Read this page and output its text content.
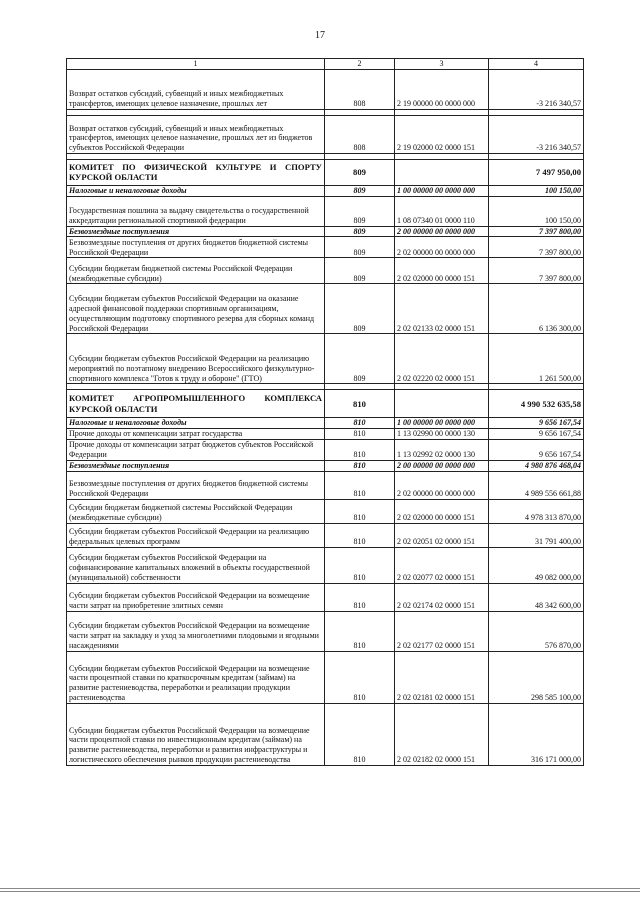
17
1	2	3	4
Возврат остатков субсидий, субвенций и иных межбюджетных трансфертов, имеющих целевое назначение, прошлых лет	808	2 19 00000 00 0000 000	-3 216 340,57

Возврат остатков субсидий, субвенций и иных межбюджетных трансфертов, имеющих целевое назначение, прошлых лет из бюджетов субъектов Российской Федерации	808	2 19 02000 02 0000 151	-3 216 340,57

КОМИТЕТ ПО ФИЗИЧЕСКОЙ КУЛЬТУРЕ И СПОРТУ КУРСКОЙ ОБЛАСТИ	809		7 497 950,00
Налоговые и неналоговые доходы	809	1 00 00000 00 0000 000	100 150,00
Государственная пошлина за выдачу свидетельства о государственной аккредитации региональной спортивной федерации	809	1 08 07340 01 0000 110	100 150,00
Безвозмездные поступления	809	2 00 00000 00 0000 000	7 397 800,00
Безвозмездные поступления от других бюджетов бюджетной системы Российской Федерации	809	2 02 00000 00 0000 000	7 397 800,00
Субсидии бюджетам бюджетной системы Российской Федерации (межбюджетные субсидии)	809	2 02 02000 00 0000 151	7 397 800,00
Субсидии бюджетам субъектов Российской Федерации на оказание адресной финансовой поддержки спортивным организациям, осуществляющим подготовку спортивного резерва для сборных команд Российской Федерации	809	2 02 02133 02 0000 151	6 136 300,00
Субсидии бюджетам субъектов Российской Федерации на реализацию мероприятий по поэтапному внедрению Всероссийского физкультурно-спортивного комплекса "Готов к труду и обороне" (ГТО)	809	2 02 02220 02 0000 151	1 261 500,00

КОМИТЕТ АГРОПРОМЫШЛЕННОГО КОМПЛЕКСА КУРСКОЙ ОБЛАСТИ	810		4 990 532 635,58
Налоговые и неналоговые доходы	810	1 00 00000 00 0000 000	9 656 167,54
Прочие доходы от компенсации затрат государства	810	1 13 02990 00 0000 130	9 656 167,54
Прочие доходы от компенсации затрат бюджетов субъектов Российской Федерации	810	1 13 02992 02 0000 130	9 656 167,54
Безвозмездные поступления	810	2 00 00000 00 0000 000	4 980 876 468,04
Безвозмездные поступления от других бюджетов бюджетной системы Российской Федерации	810	2 02 00000 00 0000 000	4 989 556 661,88
Субсидии бюджетам бюджетной системы Российской Федерации (межбюджетные субсидии)	810	2 02 02000 00 0000 151	4 978 313 870,00
Субсидии бюджетам субъектов Российской Федерации на реализацию федеральных целевых программ	810	2 02 02051 02 0000 151	31 791 400,00
Субсидии бюджетам субъектов Российской Федерации на софинансирование капитальных вложений в объекты государственной (муниципальной) собственности	810	2 02 02077 02 0000 151	49 082 000,00
Субсидии бюджетам субъектов Российской Федерации на возмещение части затрат на приобретение элитных семян	810	2 02 02174 02 0000 151	48 342 600,00
Субсидии бюджетам субъектов Российской Федерации на возмещение части затрат на закладку и уход за многолетними плодовыми и ягодными насаждениями	810	2 02 02177 02 0000 151	576 870,00
Субсидии бюджетам субъектов Российской Федерации на возмещение части процентной ставки по краткосрочным кредитам (займам) на развитие растениеводства, переработки и реализации продукции растениеводства	810	2 02 02181 02 0000 151	298 585 100,00
Субсидии бюджетам субъектов Российской Федерации на возмещение части процентной ставки по инвестиционным кредитам (займам) на развитие растениеводства, переработки и развития инфраструктуры и логистического обеспечения рынков продукции растениеводства	810	2 02 02182 02 0000 151	316 171 000,00
